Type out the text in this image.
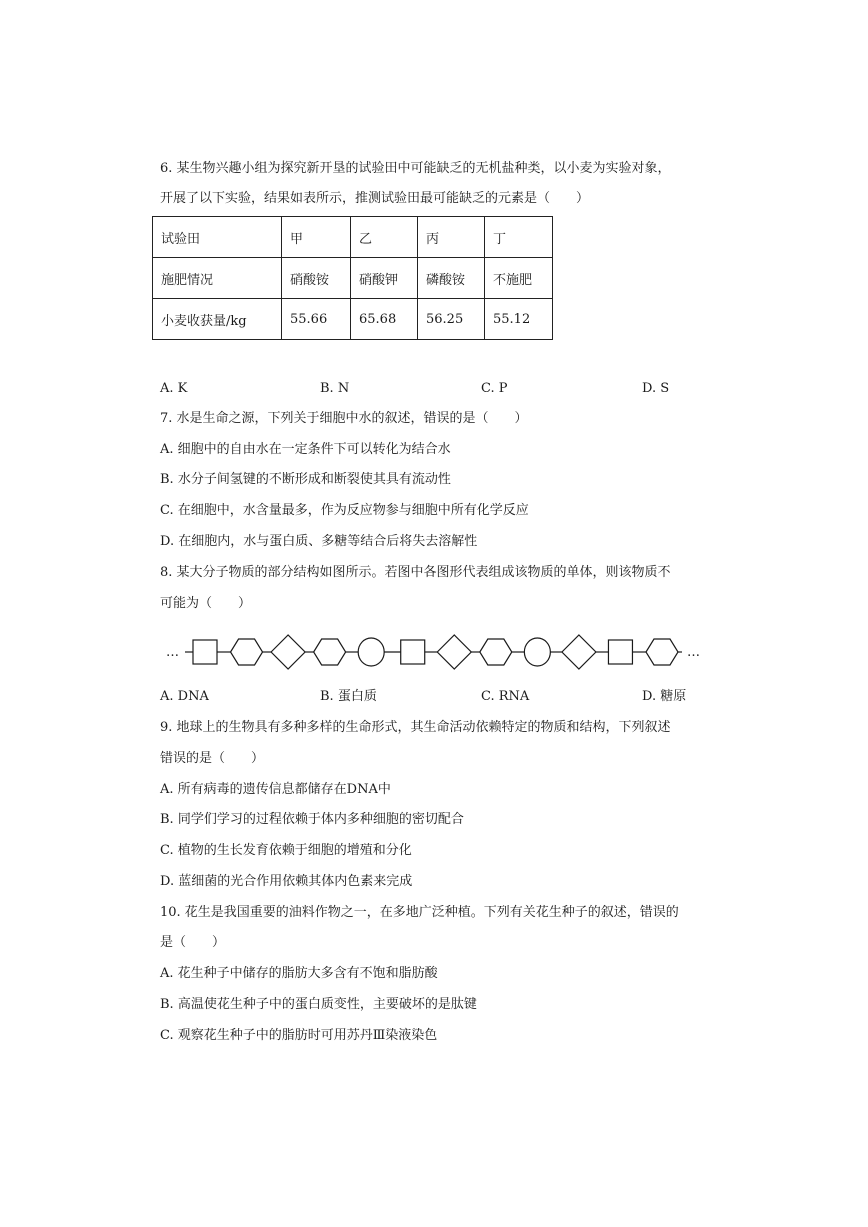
6. 某生物兴趣小组为探究新开垦的试验田中可能缺乏的无机盐种类，以小麦为实验对象，
开展了以下实验，结果如表所示，推测试验田最可能缺乏的元素是（　　）
试验田	甲	乙	丙	丁
施肥情况	硝酸铵	硝酸钾	磷酸铵	不施肥
小麦收获量/kg	55.66	65.68	56.25	55.12
A. K	B. N	C. P	D. S
7. 水是生命之源，下列关于细胞中水的叙述，错误的是（　　）
A. 细胞中的自由水在一定条件下可以转化为结合水
B. 水分子间氢键的不断形成和断裂使其具有流动性
C. 在细胞中，水含量最多，作为反应物参与细胞中所有化学反应
D. 在细胞内，水与蛋白质、多糖等结合后将失去溶解性
8. 某大分子物质的部分结构如图所示。若图中各图形代表组成该物质的单体，则该物质不
可能为（　　）
…	…
A. DNA	B. 蛋白质	C. RNA	D. 糖原
9. 地球上的生物具有多种多样的生命形式，其生命活动依赖特定的物质和结构，下列叙述
错误的是（　　）
A. 所有病毒的遗传信息都储存在DNA中
B. 同学们学习的过程依赖于体内多种细胞的密切配合
C. 植物的生长发育依赖于细胞的增殖和分化
D. 蓝细菌的光合作用依赖其体内色素来完成
10. 花生是我国重要的油料作物之一，在多地广泛种植。下列有关花生种子的叙述，错误的
是（　　）
A. 花生种子中储存的脂肪大多含有不饱和脂肪酸
B. 高温使花生种子中的蛋白质变性，主要破坏的是肽键
C. 观察花生种子中的脂肪时可用苏丹Ⅲ染液染色
